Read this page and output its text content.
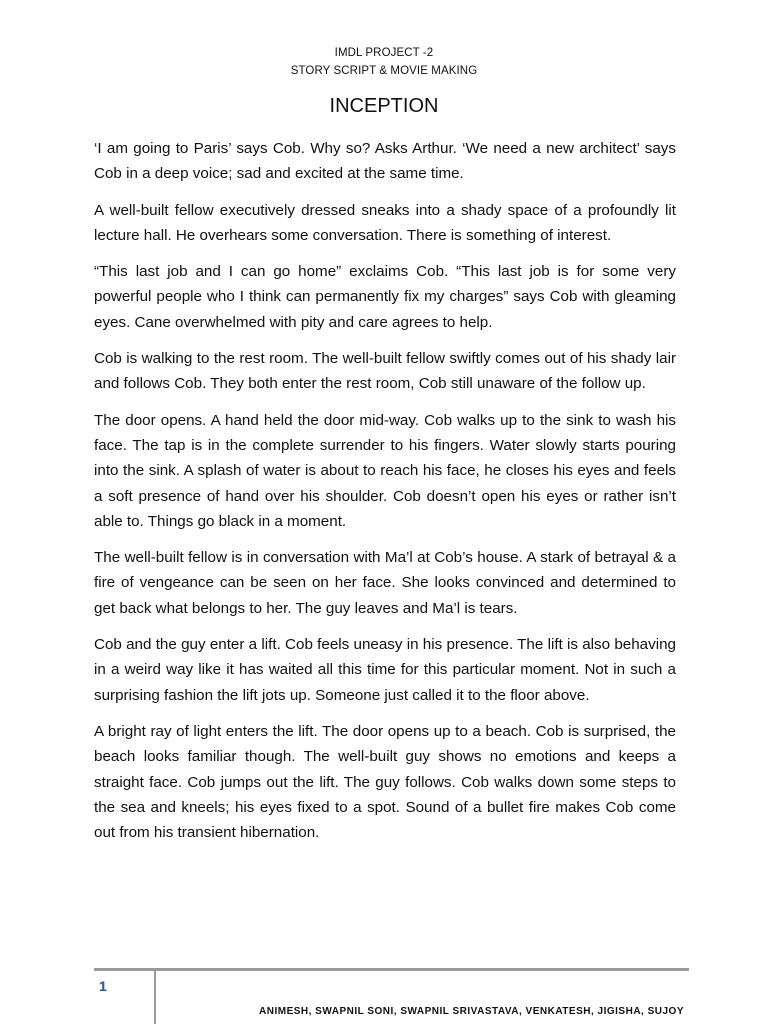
IMDL PROJECT -2
STORY SCRIPT & MOVIE MAKING
INCEPTION

‘I am going to Paris’ says Cob. Why so? Asks Arthur. ‘We need a new architect’ says Cob in a deep voice; sad and excited at the same time.

A well-built fellow executively dressed sneaks into a shady space of a profoundly lit lecture hall. He overhears some conversation. There is something of interest.

“This last job and I can go home” exclaims Cob. “This last job is for some very powerful people who I think can permanently fix my charges” says Cob with gleaming eyes. Cane overwhelmed with pity and care agrees to help.

Cob is walking to the rest room. The well-built fellow swiftly comes out of his shady lair and follows Cob. They both enter the rest room, Cob still unaware of the follow up.

The door opens. A hand held the door mid-way. Cob walks up to the sink to wash his face. The tap is in the complete surrender to his fingers. Water slowly starts pouring into the sink. A splash of water is about to reach his face, he closes his eyes and feels a soft presence of hand over his shoulder. Cob doesn’t open his eyes or rather isn’t able to. Things go black in a moment.

The well-built fellow is in conversation with Ma’l at Cob’s house. A stark of betrayal & a fire of vengeance can be seen on her face. She looks convinced and determined to get back what belongs to her. The guy leaves and Ma’l is tears.

Cob and the guy enter a lift. Cob feels uneasy in his presence. The lift is also behaving in a weird way like it has waited all this time for this particular moment. Not in such a surprising fashion the lift jots up. Someone just called it to the floor above.

A bright ray of light enters the lift. The door opens up to a beach. Cob is surprised, the beach looks familiar though. The well-built guy shows no emotions and keeps a straight face. Cob jumps out the lift. The guy follows. Cob walks down some steps to the sea and kneels; his eyes fixed to a spot. Sound of a bullet fire makes Cob come out from his transient hibernation.

1
ANIMESH, SWAPNIL SONI, SWAPNIL SRIVASTAVA, VENKATESH, JIGISHA, SUJOY
